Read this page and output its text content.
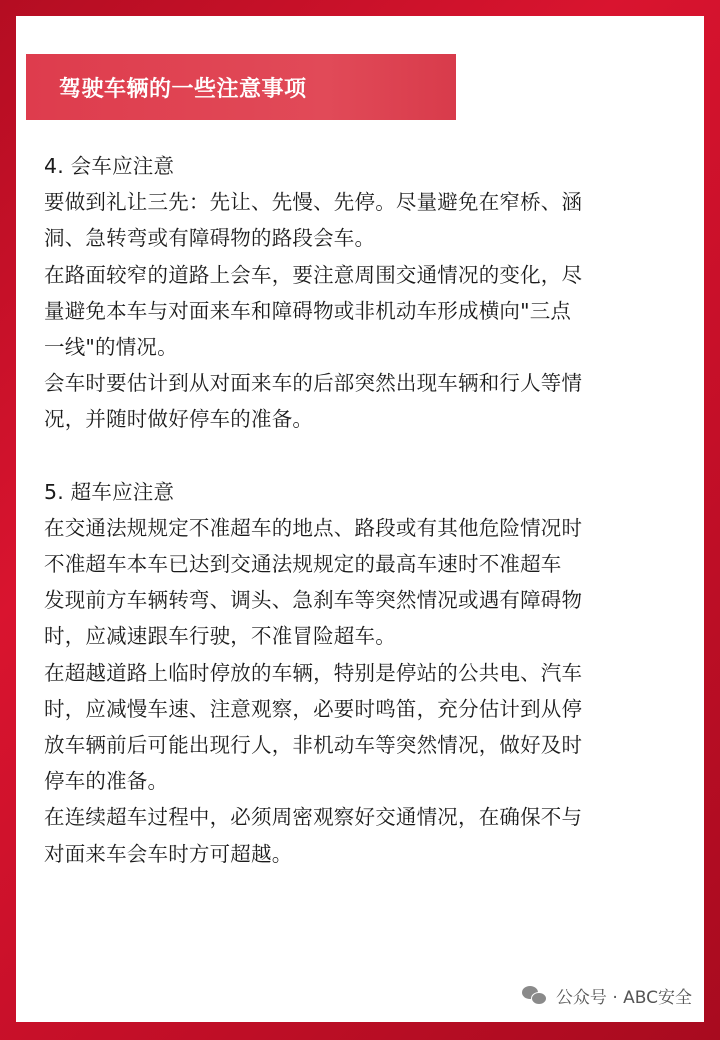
驾驶车辆的一些注意事项
4. 会车应注意
要做到礼让三先：先让、先慢、先停。尽量避免在窄桥、涵
洞、急转弯或有障碍物的路段会车。
在路面较窄的道路上会车，要注意周围交通情况的变化，尽
量避免本车与对面来车和障碍物或非机动车形成横向"三点
一线"的情况。
会车时要估计到从对面来车的后部突然出现车辆和行人等情
况，并随时做好停车的准备。
5. 超车应注意
在交通法规规定不准超车的地点、路段或有其他危险情况时
不准超车本车已达到交通法规规定的最高车速时不准超车
发现前方车辆转弯、调头、急刹车等突然情况或遇有障碍物
时，应减速跟车行驶，不准冒险超车。
在超越道路上临时停放的车辆，特别是停站的公共电、汽车
时，应减慢车速、注意观察，必要时鸣笛，充分估计到从停
放车辆前后可能出现行人，非机动车等突然情况，做好及时
停车的准备。
在连续超车过程中，必须周密观察好交通情况，在确保不与
对面来车会车时方可超越。
公众号 · ABC安全
